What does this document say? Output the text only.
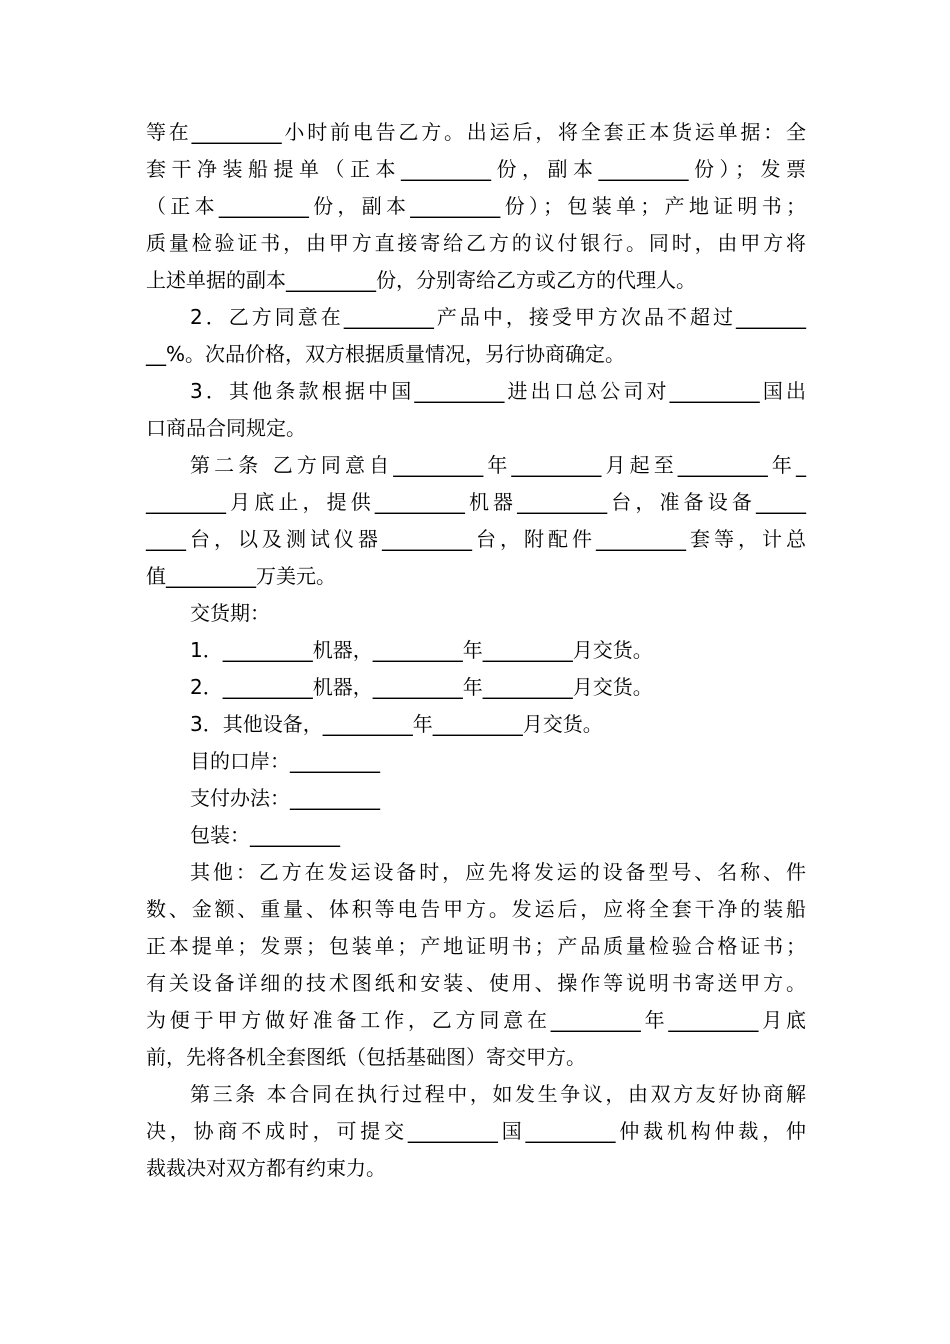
等在_________小时前电告乙方。出运后，将全套正本货运单据：全
套干净装船提单（正本_________份，副本_________份）；发票
（正本_________份，副本_________份）；包装单；产地证明书；
质量检验证书，由甲方直接寄给乙方的议付银行。同时，由甲方将
上述单据的副本_________份，分别寄给乙方或乙方的代理人。
2．乙方同意在_________产品中，接受甲方次品不超过_______
__%。次品价格，双方根据质量情况，另行协商确定。
3．其他条款根据中国_________进出口总公司对_________国出
口商品合同规定。
第二条 乙方同意自_________年_________月起至_________年_
________月底止，提供_________机器_________台，准备设备_____
____台，以及测试仪器_________台，附配件_________套等，计总
值_________万美元。
交货期：
1．_________机器，_________年_________月交货。
2．_________机器，_________年_________月交货。
3．其他设备，_________年_________月交货。
目的口岸：_________
支付办法：_________
包装：_________
其他：乙方在发运设备时，应先将发运的设备型号、名称、件
数、金额、重量、体积等电告甲方。发运后，应将全套干净的装船
正本提单；发票；包装单；产地证明书；产品质量检验合格证书；
有关设备详细的技术图纸和安装、使用、操作等说明书寄送甲方。
为便于甲方做好准备工作，乙方同意在_________年_________月底
前，先将各机全套图纸（包括基础图）寄交甲方。
第三条 本合同在执行过程中，如发生争议，由双方友好协商解
决，协商不成时，可提交_________国_________仲裁机构仲裁，仲
裁裁决对双方都有约束力。
